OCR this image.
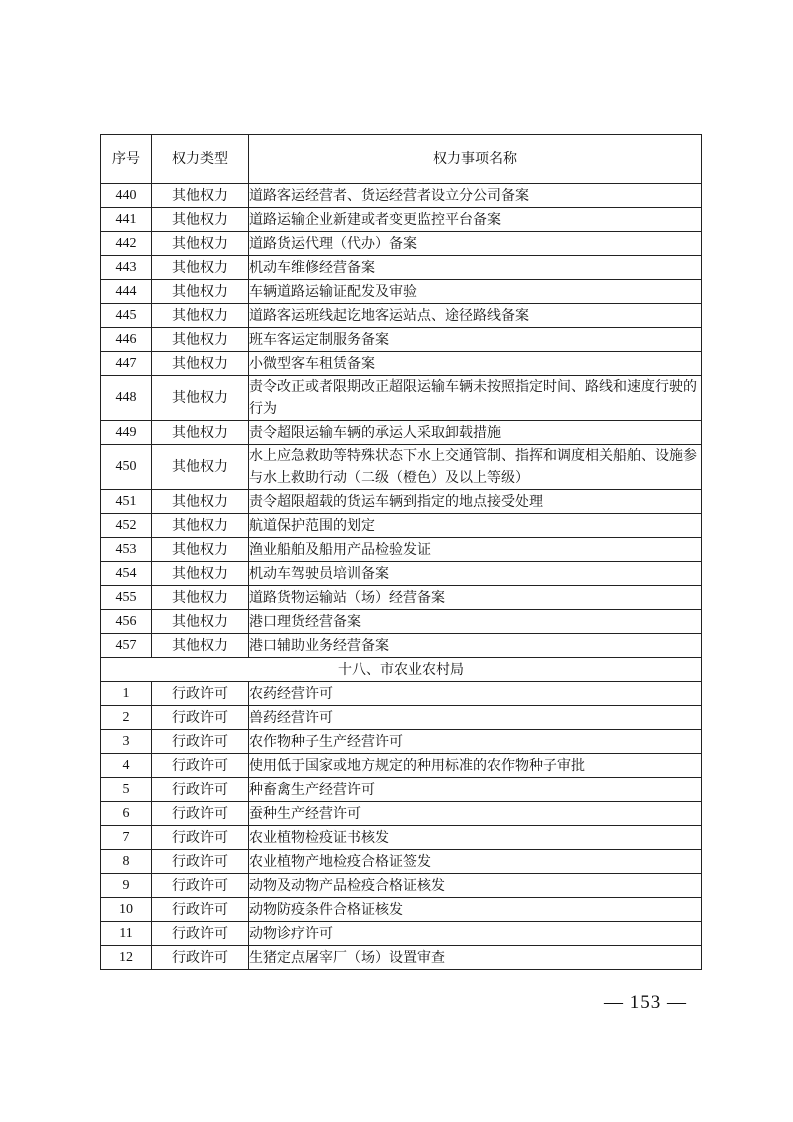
序号	权力类型	权力事项名称
440	其他权力	道路客运经营者、货运经营者设立分公司备案
441	其他权力	道路运输企业新建或者变更监控平台备案
442	其他权力	道路货运代理（代办）备案
443	其他权力	机动车维修经营备案
444	其他权力	车辆道路运输证配发及审验
445	其他权力	道路客运班线起讫地客运站点、途径路线备案
446	其他权力	班车客运定制服务备案
447	其他权力	小微型客车租赁备案
448	其他权力	责令改正或者限期改正超限运输车辆未按照指定时间、路线和速度行驶的行为
449	其他权力	责令超限运输车辆的承运人采取卸载措施
450	其他权力	水上应急救助等特殊状态下水上交通管制、指挥和调度相关船舶、设施参与水上救助行动（二级（橙色）及以上等级）
451	其他权力	责令超限超载的货运车辆到指定的地点接受处理
452	其他权力	航道保护范围的划定
453	其他权力	渔业船舶及船用产品检验发证
454	其他权力	机动车驾驶员培训备案
455	其他权力	道路货物运输站（场）经营备案
456	其他权力	港口理货经营备案
457	其他权力	港口辅助业务经营备案
十八、市农业农村局		
1	行政许可	农药经营许可
2	行政许可	兽药经营许可
3	行政许可	农作物种子生产经营许可
4	行政许可	使用低于国家或地方规定的种用标准的农作物种子审批
5	行政许可	种畜禽生产经营许可
6	行政许可	蚕种生产经营许可
7	行政许可	农业植物检疫证书核发
8	行政许可	农业植物产地检疫合格证签发
9	行政许可	动物及动物产品检疫合格证核发
10	行政许可	动物防疫条件合格证核发
11	行政许可	动物诊疗许可
12	行政许可	生猪定点屠宰厂（场）设置审查
— 153 —
